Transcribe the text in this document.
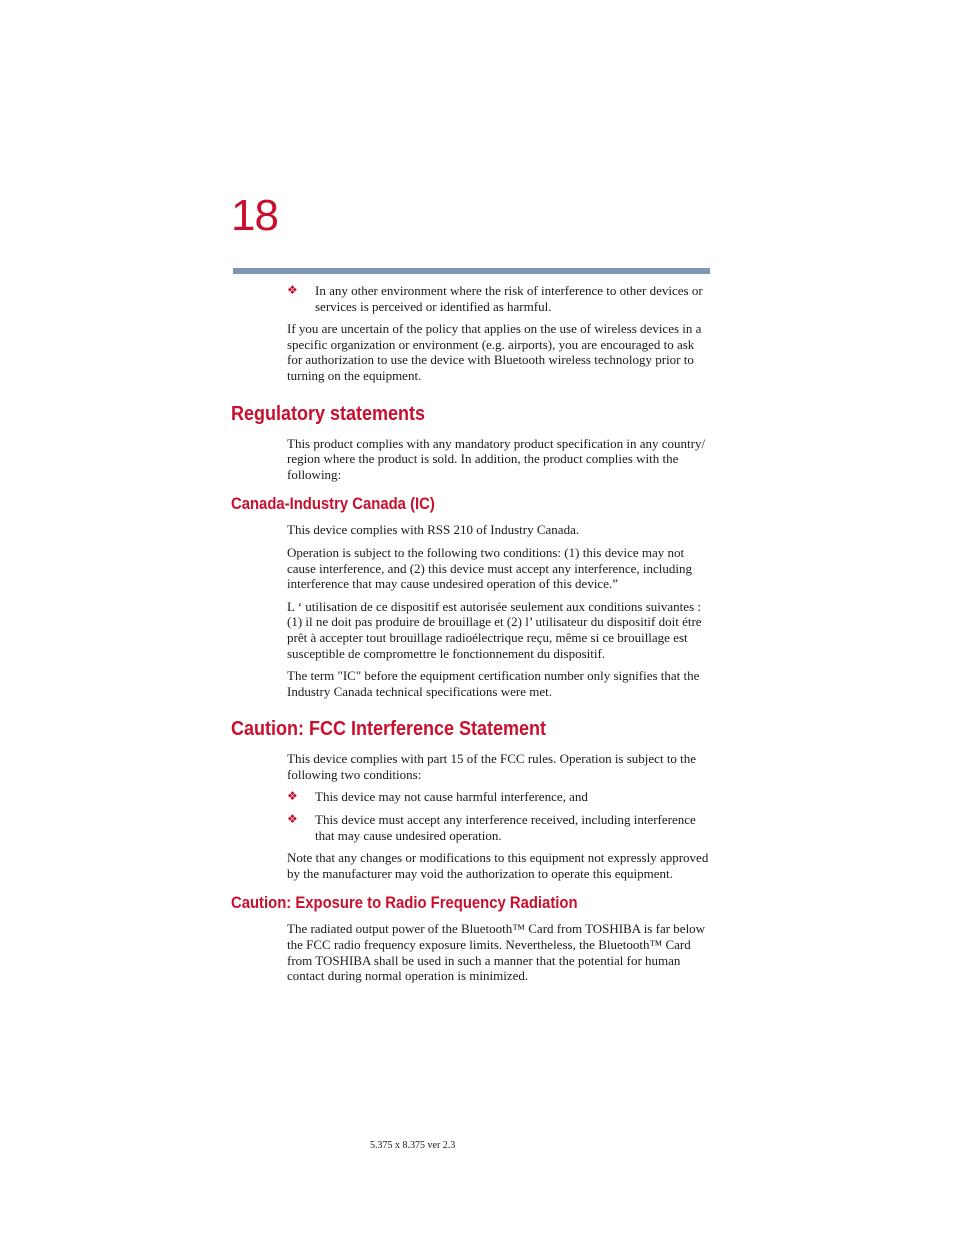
18
❖ In any other environment where the risk of interference to other devices or services is perceived or identified as harmful.

If you are uncertain of the policy that applies on the use of wireless devices in a specific organization or environment (e.g. airports), you are encouraged to ask for authorization to use the device with Bluetooth wireless technology prior to turning on the equipment.

Regulatory statements

This product complies with any mandatory product specification in any country/ region where the product is sold. In addition, the product complies with the following:

Canada-Industry Canada (IC)

This device complies with RSS 210 of Industry Canada.

Operation is subject to the following two conditions: (1) this device may not cause interference, and (2) this device must accept any interference, including interference that may cause undesired operation of this device.”

L ‘ utilisation de ce dispositif est autorisée seulement aux conditions suivantes : (1) il ne doit pas produire de brouillage et (2) l’ utilisateur du dispositif doit étre prêt à accepter tout brouillage radioélectrique reçu, même si ce brouillage est susceptible de compromettre le fonctionnement du dispositif.

The term "IC" before the equipment certification number only signifies that the Industry Canada technical specifications were met.

Caution: FCC Interference Statement

This device complies with part 15 of the FCC rules. Operation is subject to the following two conditions:

❖ This device may not cause harmful interference, and
❖ This device must accept any interference received, including interference that may cause undesired operation.

Note that any changes or modifications to this equipment not expressly approved by the manufacturer may void the authorization to operate this equipment.

Caution: Exposure to Radio Frequency Radiation

The radiated output power of the Bluetooth™ Card from TOSHIBA is far below the FCC radio frequency exposure limits. Nevertheless, the Bluetooth™ Card from TOSHIBA shall be used in such a manner that the potential for human contact during normal operation is minimized.

5.375 x 8.375 ver 2.3
